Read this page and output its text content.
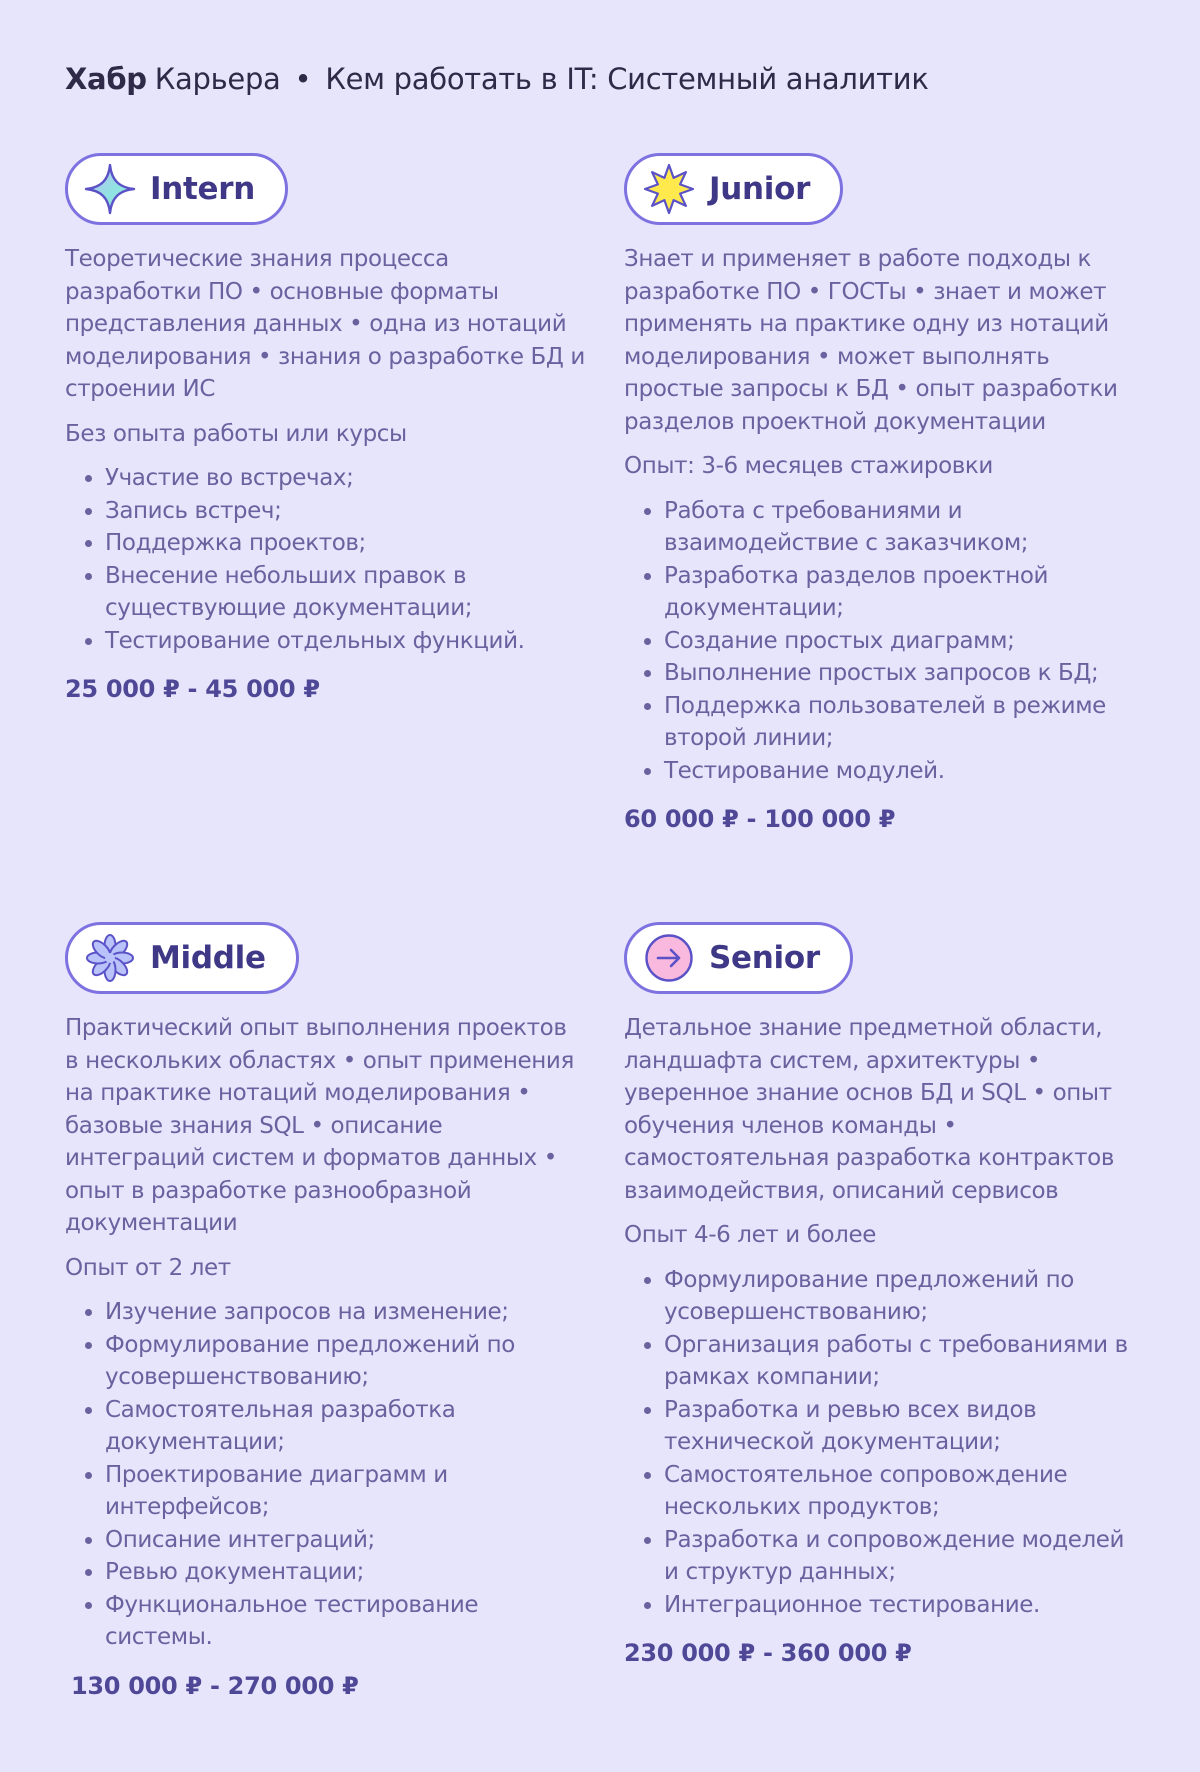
Хабр Карьера • Кем работать в IT: Системный аналитик
Intern
Теоретические знания процесса разработки ПО • основные форматы представления данных • одна из нотаций моделирования • знания о разработке БД и строении ИС
Без опыта работы или курсы
• Участие во встречах;
• Запись встреч;
• Поддержка проектов;
• Внесение небольших правок в существующие документации;
• Тестирование отдельных функций.
25 000 ₽ - 45 000 ₽
Junior
Знает и применяет в работе подходы к разработке ПО • ГОСТы • знает и может применять на практике одну из нотаций моделирования • может выполнять простые запросы к БД • опыт разработки разделов проектной документации
Опыт: 3-6 месяцев стажировки
• Работа с требованиями и взаимодействие с заказчиком;
• Разработка разделов проектной документации;
• Создание простых диаграмм;
• Выполнение простых запросов к БД;
• Поддержка пользователей в режиме второй линии;
• Тестирование модулей.
60 000 ₽ - 100 000 ₽
Middle
Практический опыт выполнения проектов в нескольких областях • опыт применения на практике нотаций моделирования • базовые знания SQL • описание интеграций систем и форматов данных • опыт в разработке разнообразной документации
Опыт от 2 лет
• Изучение запросов на изменение;
• Формулирование предложений по усовершенствованию;
• Самостоятельная разработка документации;
• Проектирование диаграмм и интерфейсов;
• Описание интеграций;
• Ревью документации;
• Функциональное тестирование системы.
130 000 ₽ - 270 000 ₽
Senior
Детальное знание предметной области, ландшафта систем, архитектуры • уверенное знание основ БД и SQL • опыт обучения членов команды • самостоятельная разработка контрактов взаимодействия, описаний сервисов
Опыт 4-6 лет и более
• Формулирование предложений по усовершенствованию;
• Организация работы с требованиями в рамках компании;
• Разработка и ревью всех видов технической документации;
• Самостоятельное сопровождение нескольких продуктов;
• Разработка и сопровождение моделей и структур данных;
• Интеграционное тестирование.
230 000 ₽ - 360 000 ₽
